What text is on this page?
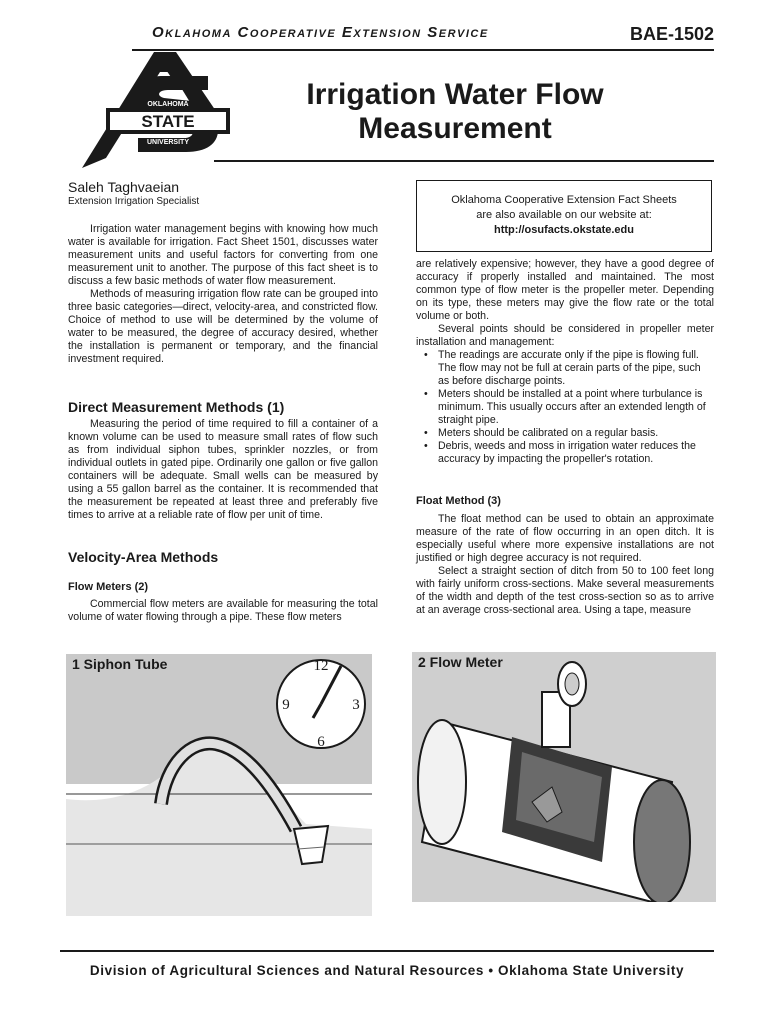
Oklahoma Cooperative Extension Service	BAE-1502
STATE
OKLAHOMA
UNIVERSITY
Irrigation Water Flow
Measurement
Saleh Taghvaeian
Extension Irrigation Specialist

Irrigation water management begins with knowing how much water is available for irrigation. Fact Sheet 1501, discusses water measurement units and useful factors for converting from one measurement unit to another. The purpose of this fact sheet is to discuss a few basic methods of water flow measurement.

Methods of measuring irrigation flow rate can be grouped into three basic categories—direct, velocity-area, and constricted flow. Choice of method to use will be determined by the volume of water to be measured, the degree of accuracy desired, whether the installation is permanent or temporary, and the financial investment required.

Direct Measurement Methods (1)

Measuring the period of time required to fill a container of a known volume can be used to measure small rates of flow such as from individual siphon tubes, sprinkler nozzles, or from individual outlets in gated pipe. Ordinarily one gallon or five gallon containers will be adequate. Small wells can be measured by using a 55 gallon barrel as the container. It is recommended that the measurement be repeated at least three and preferably five times to arrive at a reliable rate of flow per unit of time.

Velocity-Area Methods
Flow Meters (2)

Commercial flow meters are available for measuring the total volume of water flowing through a pipe. These flow meters

Oklahoma Cooperative Extension Fact Sheets
are also available on our website at:
http://osufacts.okstate.edu

are relatively expensive; however, they have a good degree of accuracy if properly installed and maintained. The most common type of flow meter is the propeller meter. Depending on its type, these meters may give the flow rate or the total volume or both.

Several points should be considered in propeller meter installation and management:

• The readings are accurate only if the pipe is flowing full. The flow may not be full at cerain parts of the pipe, such as before discharge points.
• Meters should be installed at a point where turbulance is minimum. This usually occurs after an extended length of straight pipe.
• Meters should be calibrated on a regular basis.
• Debris, weeds and moss in irrigation water reduces the accuracy by impacting the propeller's rotation.
Float Method (3)

The float method can be used to obtain an approximate measure of the rate of flow occurring in an open ditch. It is especially useful where more expensive installations are not justified or high degree accuracy is not required.

Select a straight section of ditch from 50 to 100 feet long with fairly uniform cross-sections. Make several measurements of the width and depth of the test cross-section so as to arrive at an average cross-sectional area. Using a tape, measure

12
3
6
9
1 Siphon Tube	2 Flow Meter
Division of Agricultural Sciences and Natural Resources • Oklahoma State University
